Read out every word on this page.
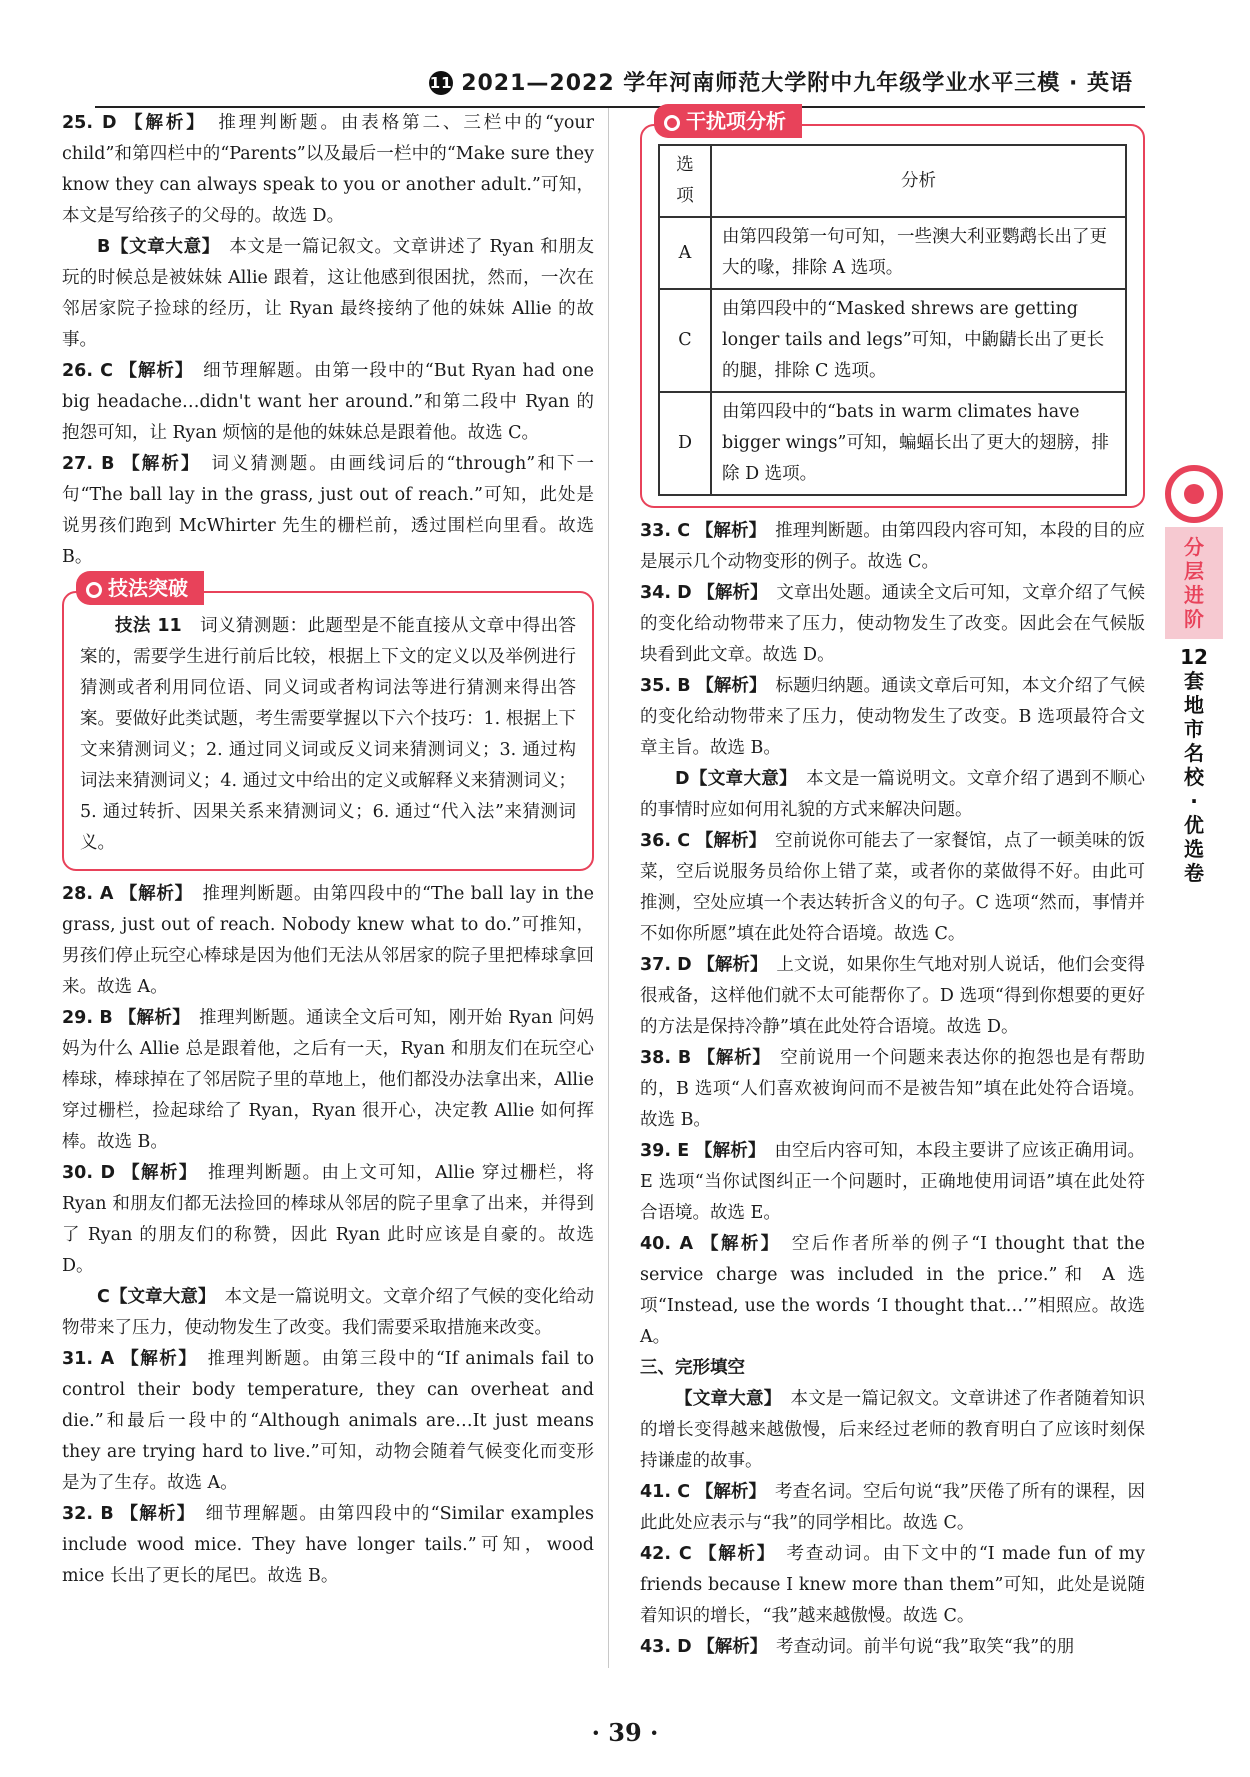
11 2021—2022 学年河南师范大学附中九年级学业水平三模 · 英语

25. D 【解析】　 推理判断题。由表格第二、三栏中的“your child”和第四栏中的“Parents”以及最后一栏中的“Make sure they know they can always speak to you or another adult.”可知，本文是写给孩子的父母的。故选 D。

B【文章大意】　 本文是一篇记叙文。文章讲述了 Ryan 和朋友玩的时候总是被妹妹 Allie 跟着，这让他感到很困扰，然而，一次在邻居家院子捡球的经历，让 Ryan 最终接纳了他的妹妹 Allie 的故事。

26. C 【解析】　 细节理解题。由第一段中的“But Ryan had one big headache…didn't want her around.”和第二段中 Ryan 的抱怨可知，让 Ryan 烦恼的是他的妹妹总是跟着他。故选 C。

27. B 【解析】　 词义猜测题。由画线词后的“through”和下一句“The ball lay in the grass, just out of reach.”可知，此处是说男孩们跑到 McWhirter 先生的栅栏前，透过围栏向里看。故选 B。

技法突破

技法 11　 词义猜测题：此题型是不能直接从文章中得出答案的，需要学生进行前后比较，根据上下文的定义以及举例进行猜测或者利用同位语、同义词或者构词法等进行猜测来得出答案。要做好此类试题，考生需要掌握以下六个技巧：1. 根据上下文来猜测词义；2. 通过同义词或反义词来猜测词义；3. 通过构词法来猜测词义；4. 通过文中给出的定义或解释义来猜测词义；5. 通过转折、因果关系来猜测词义；6. 通过“代入法”来猜测词义。

28. A 【解析】　 推理判断题。由第四段中的“The ball lay in the grass, just out of reach. Nobody knew what to do.”可推知，男孩们停止玩空心棒球是因为他们无法从邻居家的院子里把棒球拿回来。故选 A。

29. B 【解析】　 推理判断题。通读全文后可知，刚开始 Ryan 问妈妈为什么 Allie 总是跟着他，之后有一天，Ryan 和朋友们在玩空心棒球，棒球掉在了邻居院子里的草地上，他们都没办法拿出来，Allie 穿过栅栏，捡起球给了 Ryan，Ryan 很开心，决定教 Allie 如何挥棒。故选 B。

30. D 【解析】　 推理判断题。由上文可知，Allie 穿过栅栏，将 Ryan 和朋友们都无法捡回的棒球从邻居的院子里拿了出来，并得到了 Ryan 的朋友们的称赞，因此 Ryan 此时应该是自豪的。故选 D。

C【文章大意】　 本文是一篇说明文。文章介绍了气候的变化给动物带来了压力，使动物发生了改变。我们需要采取措施来改变。

31. A 【解析】　 推理判断题。由第三段中的“If animals fail to control their body temperature, they can overheat and die.”和最后一段中的“Although animals are…It just means they are trying hard to live.”可知，动物会随着气候变化而变形是为了生存。故选 A。

32. B 【解析】　 细节理解题。由第四段中的“Similar examples include wood mice. They have longer tails.”可知，wood mice 长出了更长的尾巴。故选 B。

干扰项分析
选项	分析
A	由第四段第一句可知，一些澳大利亚鹦鹉长出了更大的喙，排除 A 选项。
C	由第四段中的“Masked shrews are getting longer tails and legs”可知，中鼩鼱长出了更长的腿，排除 C 选项。
D	由第四段中的“bats in warm climates have bigger wings”可知，蝙蝠长出了更大的翅膀，排除 D 选项。

33. C 【解析】　 推理判断题。由第四段内容可知，本段的目的应是展示几个动物变形的例子。故选 C。

34. D 【解析】　 文章出处题。通读全文后可知，文章介绍了气候的变化给动物带来了压力，使动物发生了改变。因此会在气候版块看到此文章。故选 D。

35. B 【解析】　 标题归纳题。通读文章后可知，本文介绍了气候的变化给动物带来了压力，使动物发生了改变。B 选项最符合文章主旨。故选 B。

D【文章大意】　 本文是一篇说明文。文章介绍了遇到不顺心的事情时应如何用礼貌的方式来解决问题。

36. C 【解析】　 空前说你可能去了一家餐馆，点了一顿美味的饭菜，空后说服务员给你上错了菜，或者你的菜做得不好。由此可推测，空处应填一个表达转折含义的句子。C 选项“然而，事情并不如你所愿”填在此处符合语境。故选 C。

37. D 【解析】　 上文说，如果你生气地对别人说话，他们会变得很戒备，这样他们就不太可能帮你了。D 选项“得到你想要的更好的方法是保持冷静”填在此处符合语境。故选 D。

38. B 【解析】　 空前说用一个问题来表达你的抱怨也是有帮助的，B 选项“人们喜欢被询问而不是被告知”填在此处符合语境。故选 B。

39. E 【解析】　 由空后内容可知，本段主要讲了应该正确用词。E 选项“当你试图纠正一个问题时，正确地使用词语”填在此处符合语境。故选 E。

40. A 【解析】　 空后作者所举的例子“I thought that the service charge was included in the price.”和 A 选项“Instead, use the words ‘I thought that…’”相照应。故选 A。

三、完形填空

【文章大意】　 本文是一篇记叙文。文章讲述了作者随着知识的增长变得越来越傲慢，后来经过老师的教育明白了应该时刻保持谦虚的故事。

41. C 【解析】　 考查名词。空后句说“我”厌倦了所有的课程，因此此处应表示与“我”的同学相比。故选 C。

42. C 【解析】　 考查动词。由下文中的“I made fun of my friends because I knew more than them”可知，此处是说随着知识的增长，“我”越来越傲慢。故选 C。

43. D 【解析】　 考查动词。前半句说“我”取笑“我”的朋

分
层
进
阶
12
套
地
市
名
校
·
优
选
卷
· 39 ·
